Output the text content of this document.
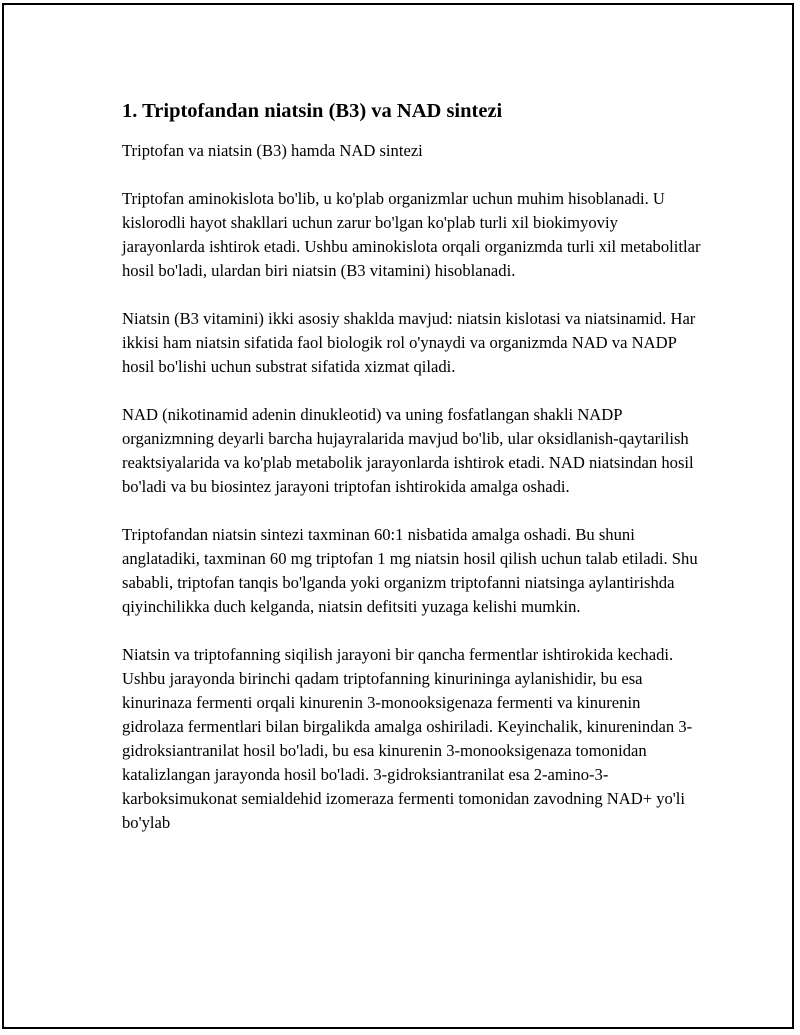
1. Triptofandan niatsin (B3) va NAD sintezi

Triptofan va niatsin (B3) hamda NAD sintezi

Triptofan aminokislota bo'lib, u ko'plab organizmlar uchun muhim hisoblanadi. U kislorodli hayot shakllari uchun zarur bo'lgan ko'plab turli xil biokimyoviy jarayonlarda ishtirok etadi. Ushbu aminokislota orqali organizmda turli xil metabolitlar hosil bo'ladi, ulardan biri niatsin (B3 vitamini) hisoblanadi.

Niatsin (B3 vitamini) ikki asosiy shaklda mavjud: niatsin kislotasi va niatsinamid. Har ikkisi ham niatsin sifatida faol biologik rol o'ynaydi va organizmda NAD va NADP hosil bo'lishi uchun substrat sifatida xizmat qiladi.

NAD (nikotinamid adenin dinukleotid) va uning fosfatlangan shakli NADP organizmning deyarli barcha hujayralarida mavjud bo'lib, ular oksidlanish-qaytarilish reaktsiyalarida va ko'plab metabolik jarayonlarda ishtirok etadi. NAD niatsindan hosil bo'ladi va bu biosintez jarayoni triptofan ishtirokida amalga oshadi.

Triptofandan niatsin sintezi taxminan 60:1 nisbatida amalga oshadi. Bu shuni anglatadiki, taxminan 60 mg triptofan 1 mg niatsin hosil qilish uchun talab etiladi. Shu sababli, triptofan tanqis bo'lganda yoki organizm triptofanni niatsinga aylantirishda qiyinchilikka duch kelganda, niatsin defitsiti yuzaga kelishi mumkin.

Niatsin va triptofanning siqilish jarayoni bir qancha fermentlar ishtirokida kechadi. Ushbu jarayonda birinchi qadam triptofanning kinurininga aylanishidir, bu esa kinurinaza fermenti orqali kinurenin 3-monooksigenaza fermenti va kinurenin gidrolaza fermentlari bilan birgalikda amalga oshiriladi. Keyinchalik, kinurenindan 3-gidroksiantranilat hosil bo'ladi, bu esa kinurenin 3-monooksigenaza tomonidan katalizlangan jarayonda hosil bo'ladi. 3-gidroksiantranilat esa 2-amino-3-karboksimukonat semialdehid izomeraza fermenti tomonidan zavodning NAD+ yo'li bo'ylab
